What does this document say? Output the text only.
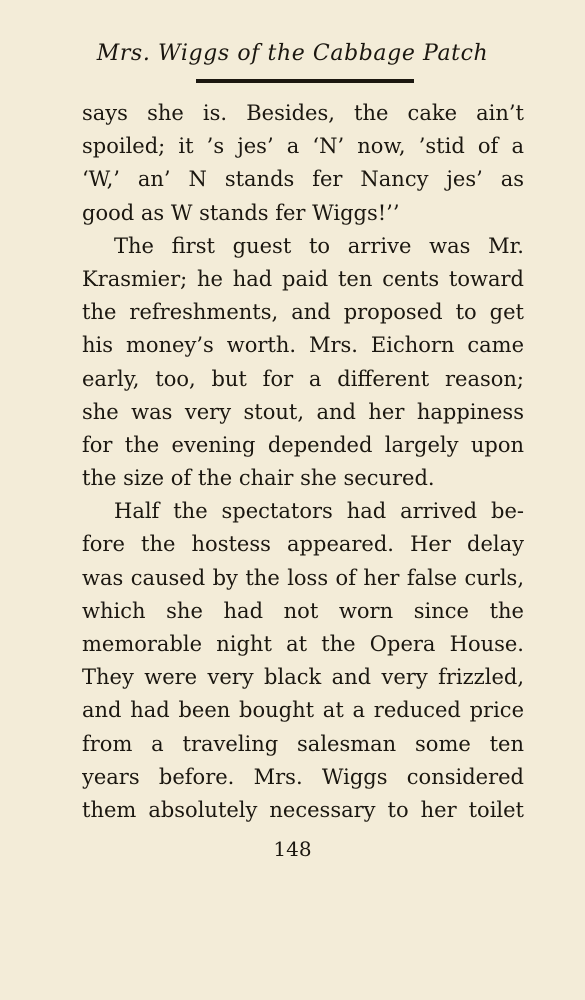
Mrs. Wiggs of the Cabbage Patch
says she is. Besides, the cake ain’t
spoiled; it ’s jes’ a ‘N’ now, ’stid of a
‘W,’ an’ N stands fer Nancy jes’ as
good as W stands fer Wiggs!’’
The first guest to arrive was Mr.
Krasmier; he had paid ten cents toward
the refreshments, and proposed to get
his money’s worth. Mrs. Eichorn came
early, too, but for a different reason;
she was very stout, and her happiness
for the evening depended largely upon
the size of the chair she secured.
Half the spectators had arrived be-
fore the hostess appeared. Her delay
was caused by the loss of her false curls,
which she had not worn since the
memorable night at the Opera House.
They were very black and very frizzled,
and had been bought at a reduced price
from a traveling salesman some ten
years before. Mrs. Wiggs considered
them absolutely necessary to her toilet
148
